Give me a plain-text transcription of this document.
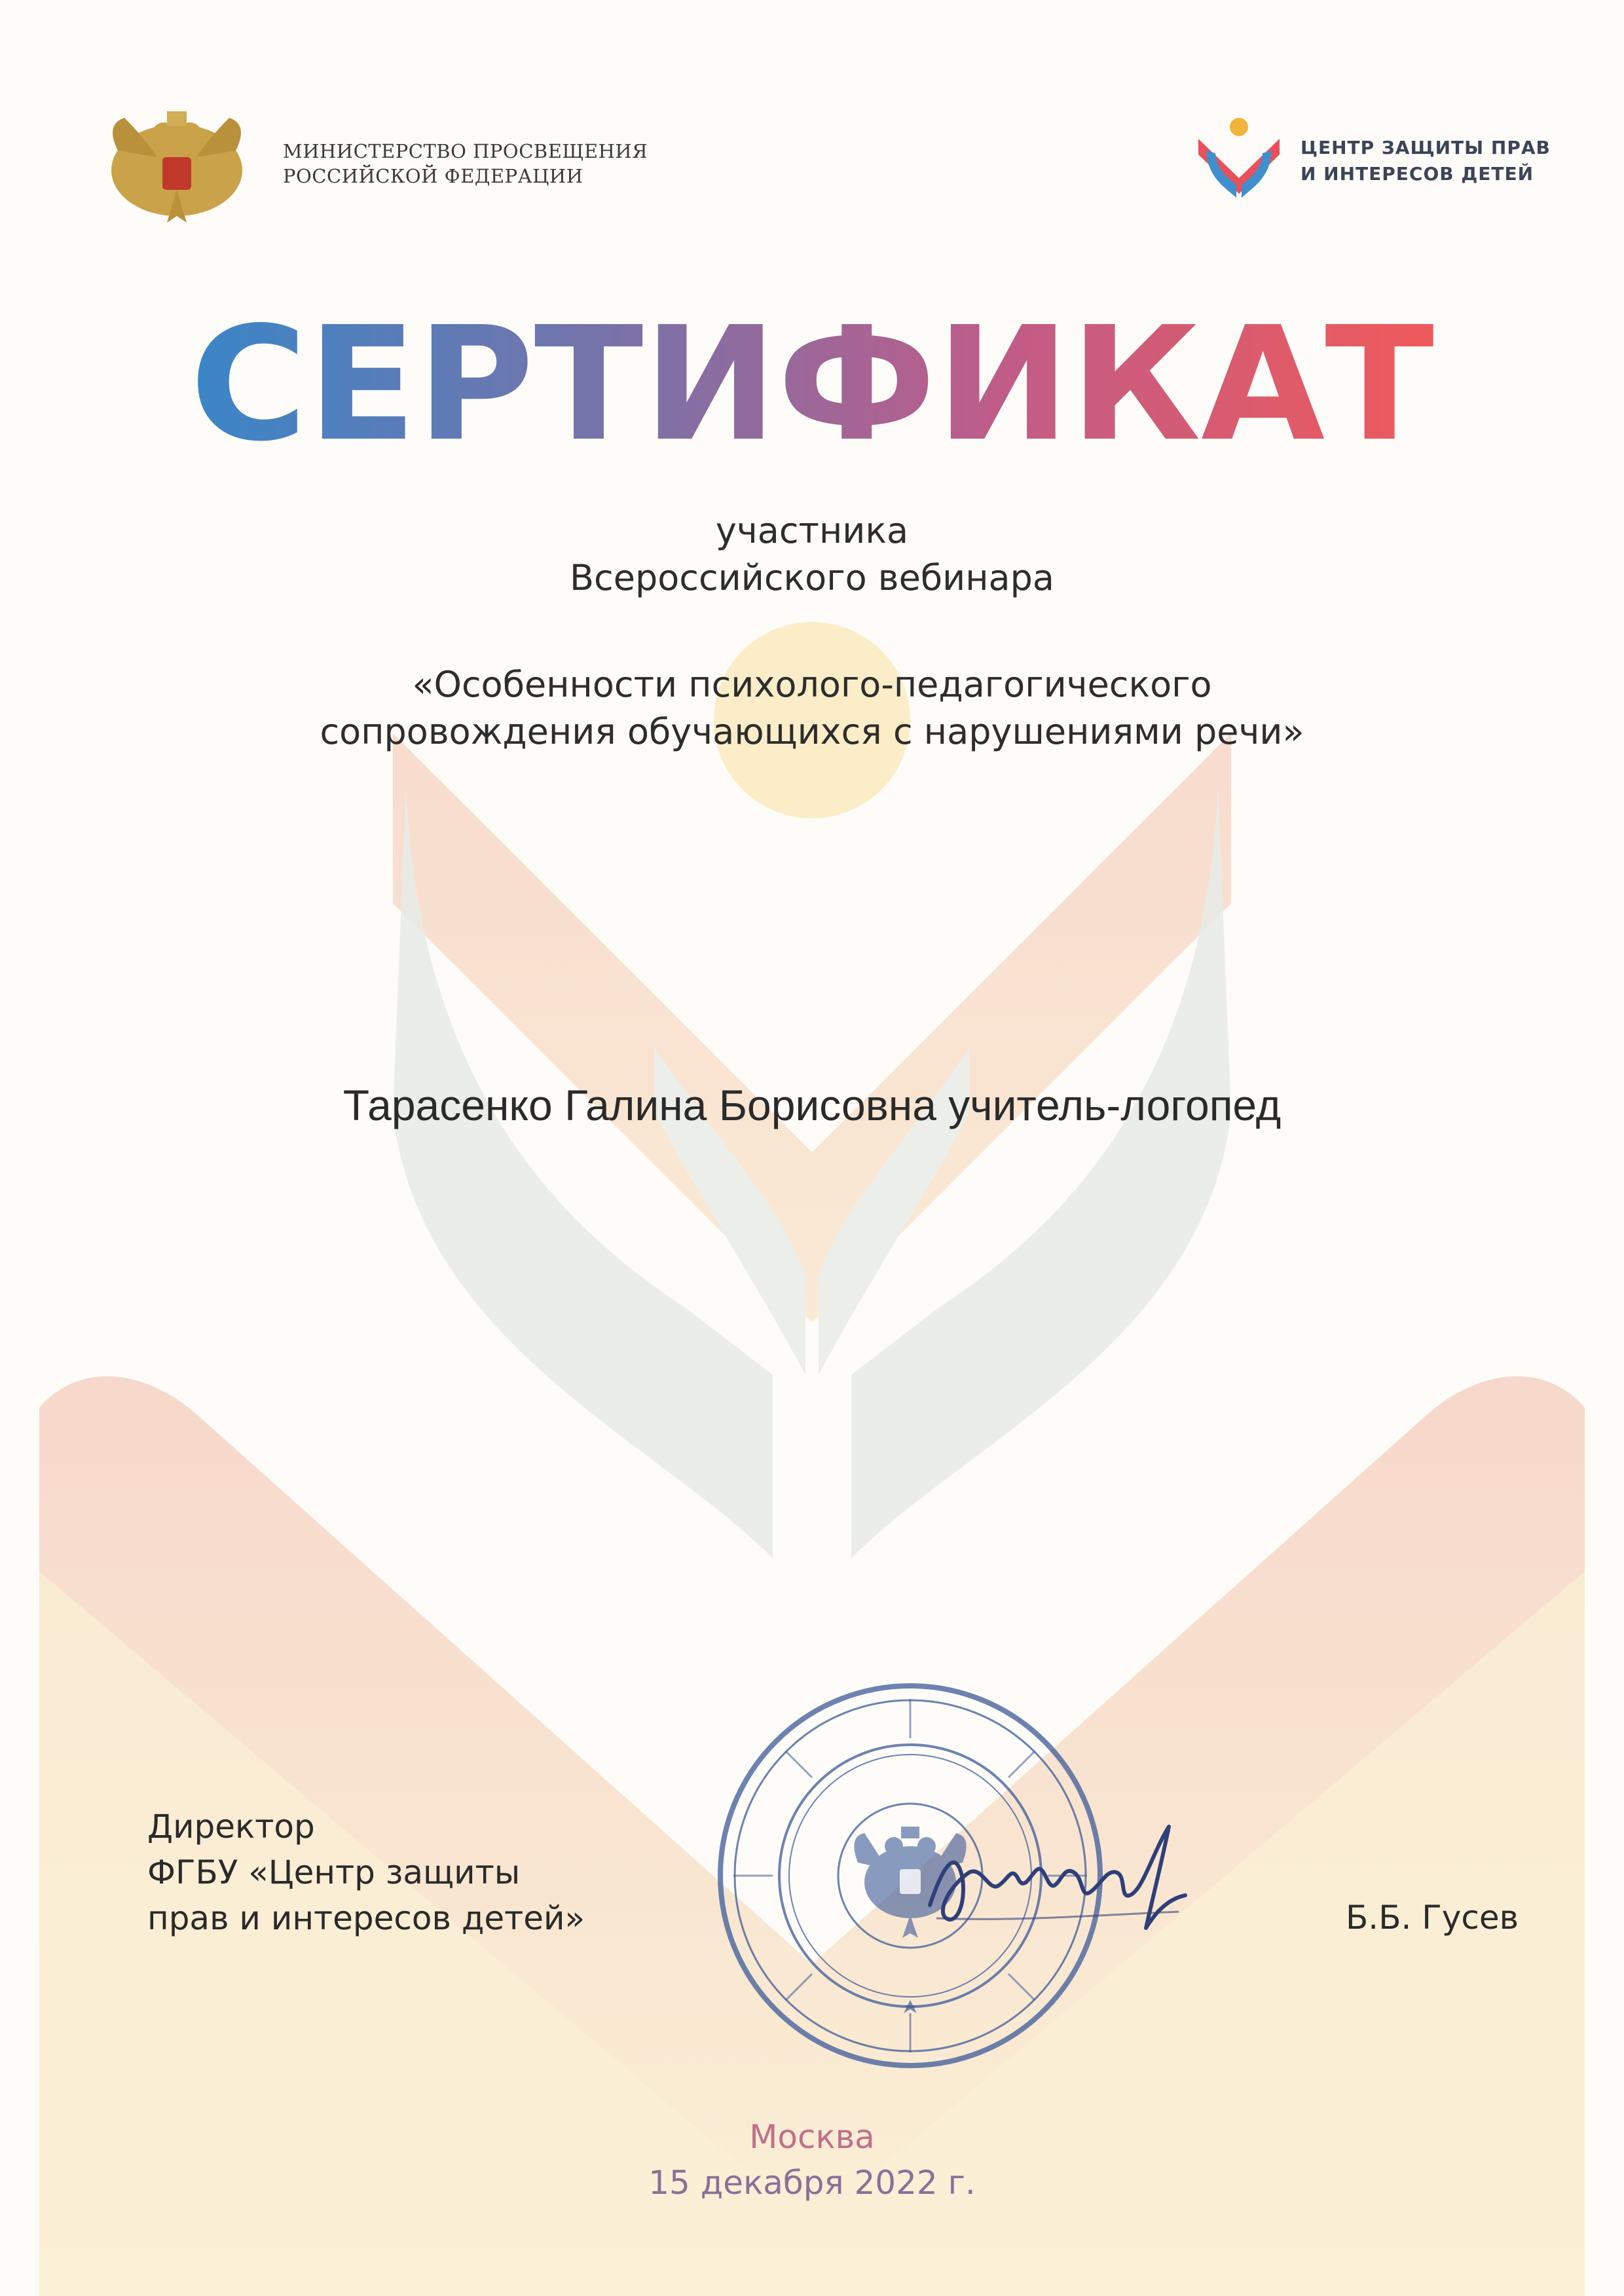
МИНИСТЕРСТВО ПРОСВЕЩЕНИЯ
РОССИЙСКОЙ ФЕДЕРАЦИИ
ЦЕНТР ЗАЩИТЫ ПРАВ
И ИНТЕРЕСОВ ДЕТЕЙ
СЕРТИФИКАТ
участника
Всероссийского вебинара
«Особенности психолого-педагогического
сопровождения обучающихся с нарушениями речи»
Тарасенко Галина Борисовна учитель-логопед
Директор
ФГБУ «Центр защиты
прав и интересов детей»	Б.Б. Гусев
Москва
15 декабря 2022 г.
